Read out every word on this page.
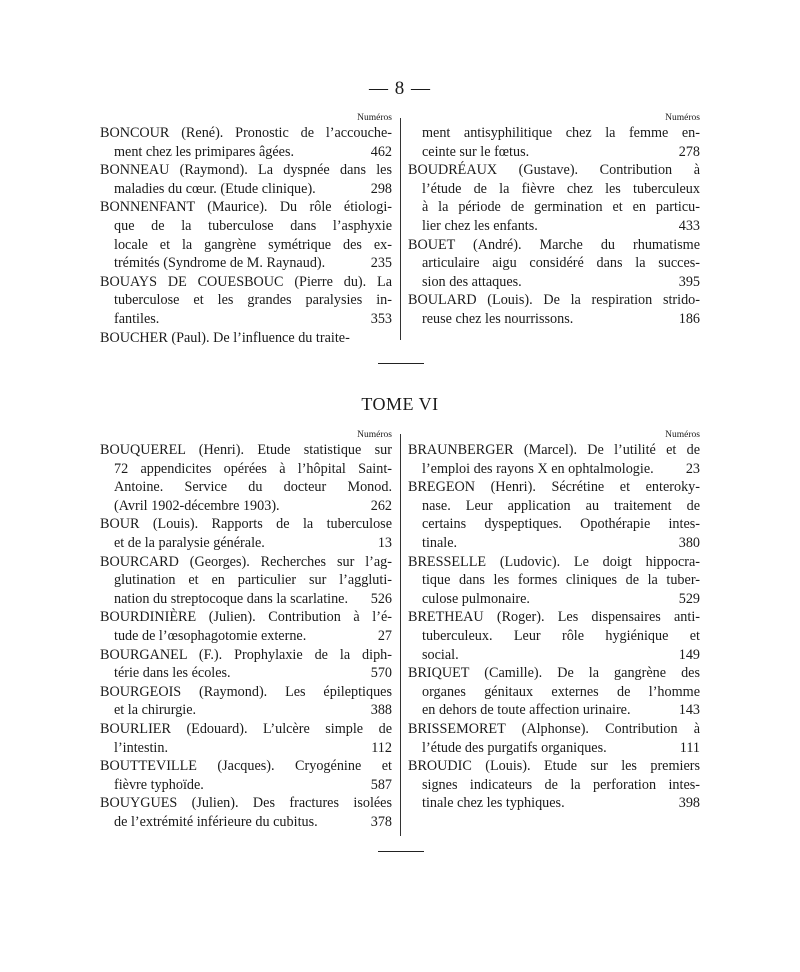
— 8 —
Numéros
BONCOUR (René). Pronostic de l’accouche-
ment chez les primipares âgées.	462
BONNEAU (Raymond). La dyspnée dans les
maladies du cœur. (Etude clinique).	298
BONNENFANT (Maurice). Du rôle étiologi-
que de la tuberculose dans l’asphyxie
locale et la gangrène symétrique des ex-
trémités (Syndrome de M. Raynaud).	235
BOUAYS DE COUESBOUC (Pierre du). La
tuberculose et les grandes paralysies in-
fantiles.	353
BOUCHER (Paul). De l’influence du traite-
Numéros
ment antisyphilitique chez la femme en-
ceinte sur le fœtus.	278
BOUDRÉAUX (Gustave). Contribution à
l’étude de la fièvre chez les tuberculeux
à la période de germination et en particu-
lier chez les enfants.	433
BOUET (André). Marche du rhumatisme
articulaire aigu considéré dans la succes-
sion des attaques.	395
BOULARD (Louis). De la respiration strido-
reuse chez les nourrissons.	186
TOME VI
Numéros
BOUQUEREL (Henri). Etude statistique sur
72 appendicites opérées à l’hôpital Saint-
Antoine. Service du docteur Monod.
(Avril 1902-décembre 1903).	262
BOUR (Louis). Rapports de la tuberculose
et de la paralysie générale.	13
BOURCARD (Georges). Recherches sur l’ag-
glutination et en particulier sur l’aggluti-
nation du streptocoque dans la scarlatine.	526
BOURDINIÈRE (Julien). Contribution à l’é-
tude de l’œsophagotomie externe.	27
BOURGANEL (F.). Prophylaxie de la diph-
térie dans les écoles.	570
BOURGEOIS (Raymond). Les épileptiques
et la chirurgie.	388
BOURLIER (Edouard). L’ulcère simple de
l’intestin.	112
BOUTTEVILLE (Jacques). Cryogénine et
fièvre typhoïde.	587
BOUYGUES (Julien). Des fractures isolées
de l’extrémité inférieure du cubitus.	378
Numéros
BRAUNBERGER (Marcel). De l’utilité et de
l’emploi des rayons X en ophtalmologie.	23
BREGEON (Henri). Sécrétine et enteroky-
nase. Leur application au traitement de
certains dyspeptiques. Opothérapie intes-
tinale.	380
BRESSELLE (Ludovic). Le doigt hippocra-
tique dans les formes cliniques de la tuber-
culose pulmonaire.	529
BRETHEAU (Roger). Les dispensaires anti-
tuberculeux. Leur rôle hygiénique et
social.	149
BRIQUET (Camille). De la gangrène des
organes génitaux externes de l’homme
en dehors de toute affection urinaire.	143
BRISSEMORET (Alphonse). Contribution à
l’étude des purgatifs organiques.	111
BROUDIC (Louis). Etude sur les premiers
signes indicateurs de la perforation intes-
tinale chez les typhiques.	398
